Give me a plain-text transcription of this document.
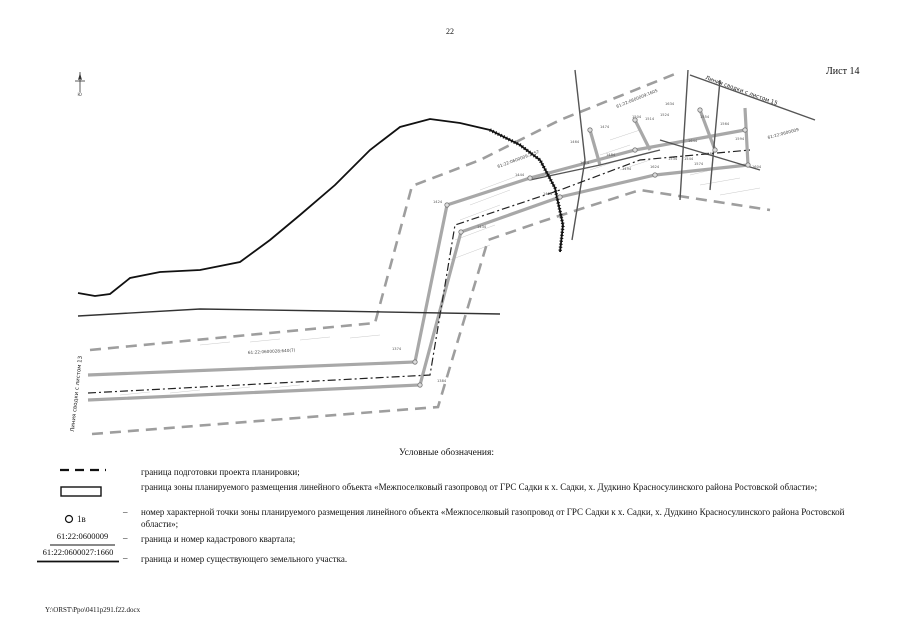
22
Лист 14
Ю	Линия сводки с листом 15
Линия сводки с листом 13
61:22:0600009:1605
61:22:0600009:2157
61:22:0600028:640(7)
61:22:0600009
1374
1384
1424
1434
1444
1454
1464
1474
1484
1494
1504 1514
1524
1534 1544
1554
1564
1574
1584
1594
1604
1614
1624
1634
1644
Условные обозначения:
граница подготовки проекта планировки;
граница зоны планируемого размещения линейного объекта «Межпоселковый газопровод от ГРС Садки к х. Садки, х. Дудкино Красносулинского района Ростовской области»;
1в
– номер характерной точки зоны планируемого размещения линейного объекта «Межпоселковый газопровод от ГРС Садки к х. Садки, х. Дудкино Красносулинского района Ростовской области»;
61:22:0600009	– граница и номер кадастрового квартала;
61:22:0600027:1660
– граница и номер существующего земельного участка.
Y:\ORST\Ppo\0411p291.f22.docx
